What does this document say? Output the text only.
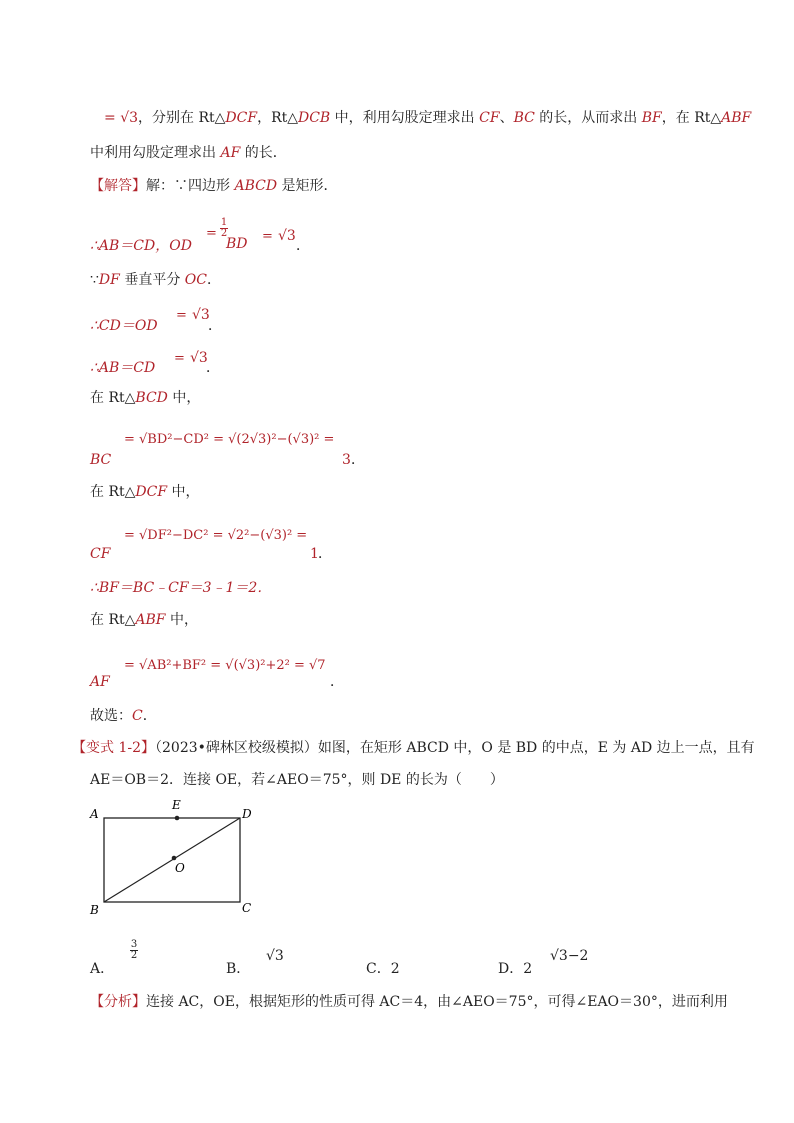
= √3，分别在 Rt△DCF，Rt△DCB 中，利用勾股定理求出 CF、BC 的长，从而求出 BF，在 Rt△ABF
中利用勾股定理求出 AF 的长．
【解答】解：∵四边形 ABCD 是矩形．
∴AB＝CD，OD
=
1
2
BD = √3
．
∵DF 垂直平分 OC．
∴CD＝OD
= √3
．
∴AB＝CD
= √3
．
在 Rt△BCD 中，
BC
= √BD²−CD² = √(2√3)²−(√3)² =
3 ．
在 Rt△DCF 中，
CF
= √DF²−DC² = √2²−(√3)² =
1 ．
∴BF＝BC﹣CF＝3﹣1＝2．
在 Rt△ABF 中，
AF
= √AB²+BF² = √(√3)²+2² = √7
．
故选：C．
【变式 1-2】（2023•碑林区校级模拟）如图，在矩形 ABCD 中，O 是 BD 的中点，E 为 AD 边上一点，且有
AE＝OB＝2．连接 OE，若∠AEO＝75°，则 DE 的长为（　　）
A
E
D
O
B	C
A．
3
2
B．
√3
C．2	D．2
√3−2
【分析】连接 AC，OE，根据矩形的性质可得 AC＝4，由∠AEO＝75°，可得∠EAO＝30°，进而利用
